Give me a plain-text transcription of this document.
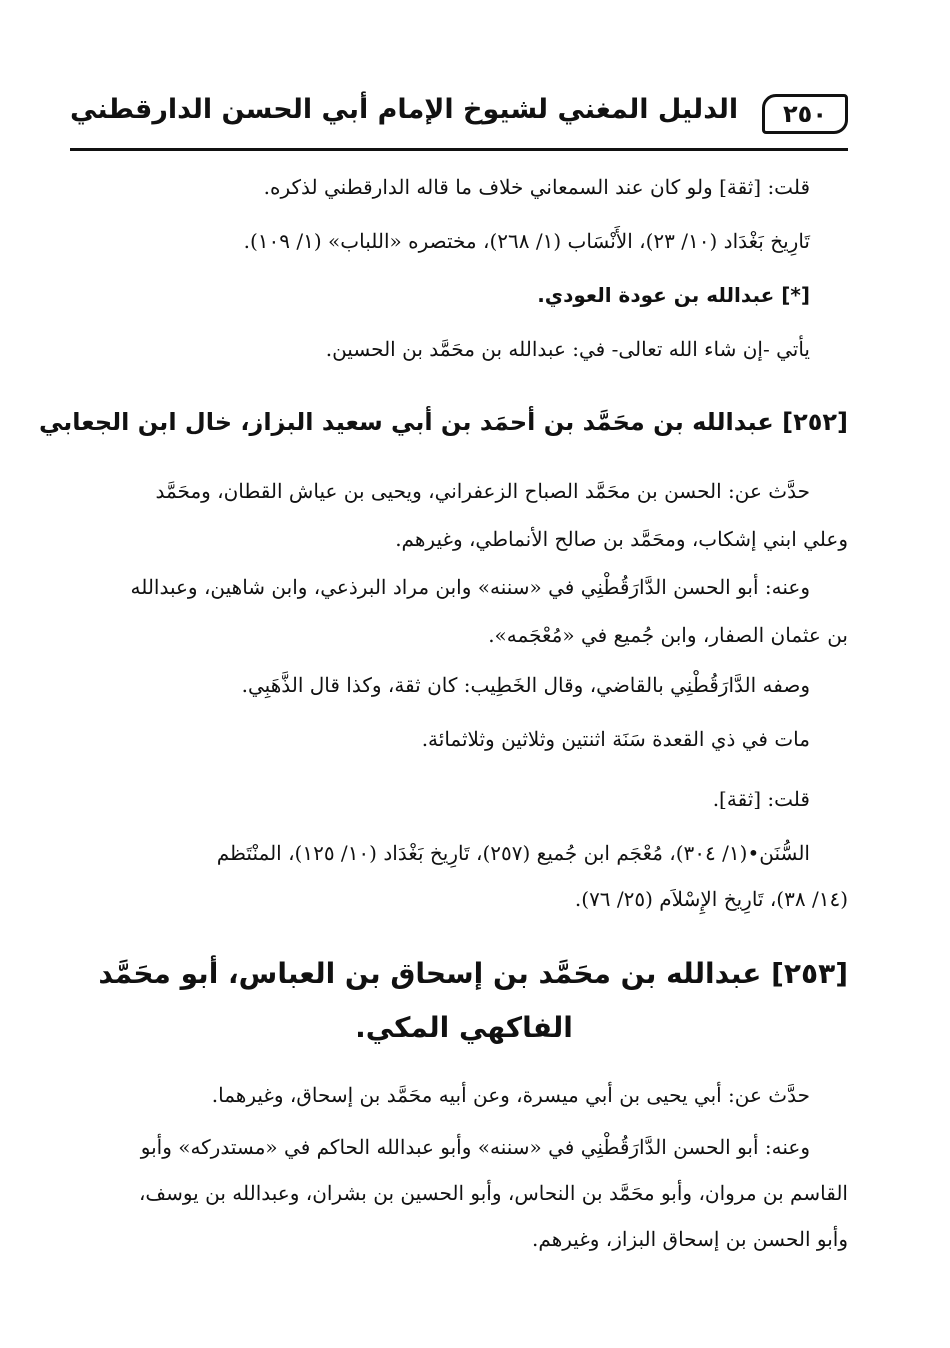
٢٥٠
الدليل المغني لشيوخ الإمام أبي الحسن الدارقطني
قلت: [ثقة] ولو كان عند السمعاني خلاف ما قاله الدارقطني لذكره.
تَارِيخ بَغْدَاد (١٠/ ٢٣)، الأَنْسَاب (١/ ٢٦٨)، مختصره «اللباب» (١/ ١٠٩).
[*] عبدالله بن عودة العودي.
يأتي -إن شاء الله تعالى- في: عبدالله بن محَمَّد بن الحسين.
[٢٥٢] عبدالله بن محَمَّد بن أحمَد بن أبي سعيد البزاز، خال ابن الجعابي
حدَّث عن: الحسن بن محَمَّد الصباح الزعفراني، ويحيى بن عياش القطان، ومحَمَّد
وعلي ابني إشكاب، ومحَمَّد بن صالح الأنماطي، وغيرهم.
وعنه: أبو الحسن الدَّارَقُطْنِي في «سننه» وابن مراد البرذعي، وابن شاهين، وعبدالله
بن عثمان الصفار، وابن جُميع في «مُعْجَمه».
وصفه الدَّارَقُطْنِي بالقاضي، وقال الخَطِيب: كان ثقة، وكذا قال الذَّهَبِي.
مات في ذي القعدة سَنَة اثنتين وثلاثين وثلاثمائة.
قلت: [ثقة].
السُّنَن•(١/ ٣٠٤)، مُعْجَم ابن جُميع (٢٥٧)، تَارِيخ بَغْدَاد (١٠/ ١٢٥)، المنْتَظم
(١٤/ ٣٨)، تَارِيخ الإِسْلاَم (٢٥/ ٧٦).
[٢٥٣] عبدالله بن محَمَّد بن إسحاق بن العباس، أبو محَمَّد
الفاكهي المكي.
حدَّث عن: أبي يحيى بن أبي ميسرة، وعن أبيه محَمَّد بن إسحاق، وغيرهما.
وعنه: أبو الحسن الدَّارَقُطْنِي في «سننه» وأبو عبدالله الحاكم في «مستدركه» وأبو
القاسم بن مروان، وأبو محَمَّد بن النحاس، وأبو الحسين بن بشران، وعبدالله بن يوسف،
وأبو الحسن بن إسحاق البزاز، وغيرهم.
